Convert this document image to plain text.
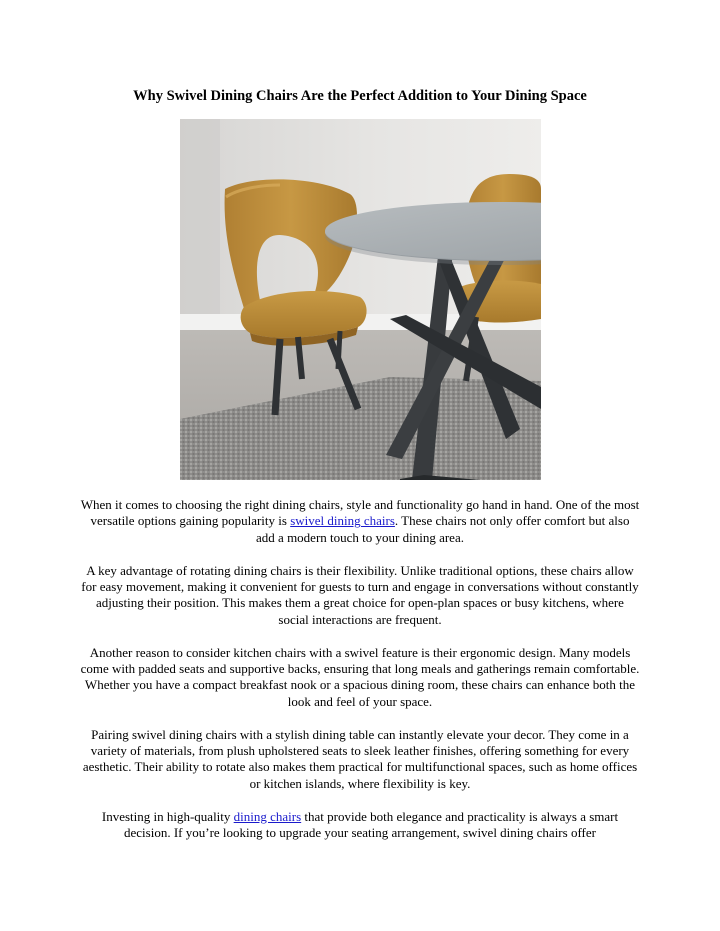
Why Swivel Dining Chairs Are the Perfect Addition to Your Dining Space

When it comes to choosing the right dining chairs, style and functionality go hand in hand. One of the most versatile options gaining popularity is swivel dining chairs. These chairs not only offer comfort but also add a modern touch to your dining area.

A key advantage of rotating dining chairs is their flexibility. Unlike traditional options, these chairs allow for easy movement, making it convenient for guests to turn and engage in conversations without constantly adjusting their position. This makes them a great choice for open-plan spaces or busy kitchens, where social interactions are frequent.

Another reason to consider kitchen chairs with a swivel feature is their ergonomic design. Many models come with padded seats and supportive backs, ensuring that long meals and gatherings remain comfortable. Whether you have a compact breakfast nook or a spacious dining room, these chairs can enhance both the look and feel of your space.

Pairing swivel dining chairs with a stylish dining table can instantly elevate your decor. They come in a variety of materials, from plush upholstered seats to sleek leather finishes, offering something for every aesthetic. Their ability to rotate also makes them practical for multifunctional spaces, such as home offices or kitchen islands, where flexibility is key.

Investing in high-quality dining chairs that provide both elegance and practicality is always a smart decision. If you’re looking to upgrade your seating arrangement, swivel dining chairs offer
